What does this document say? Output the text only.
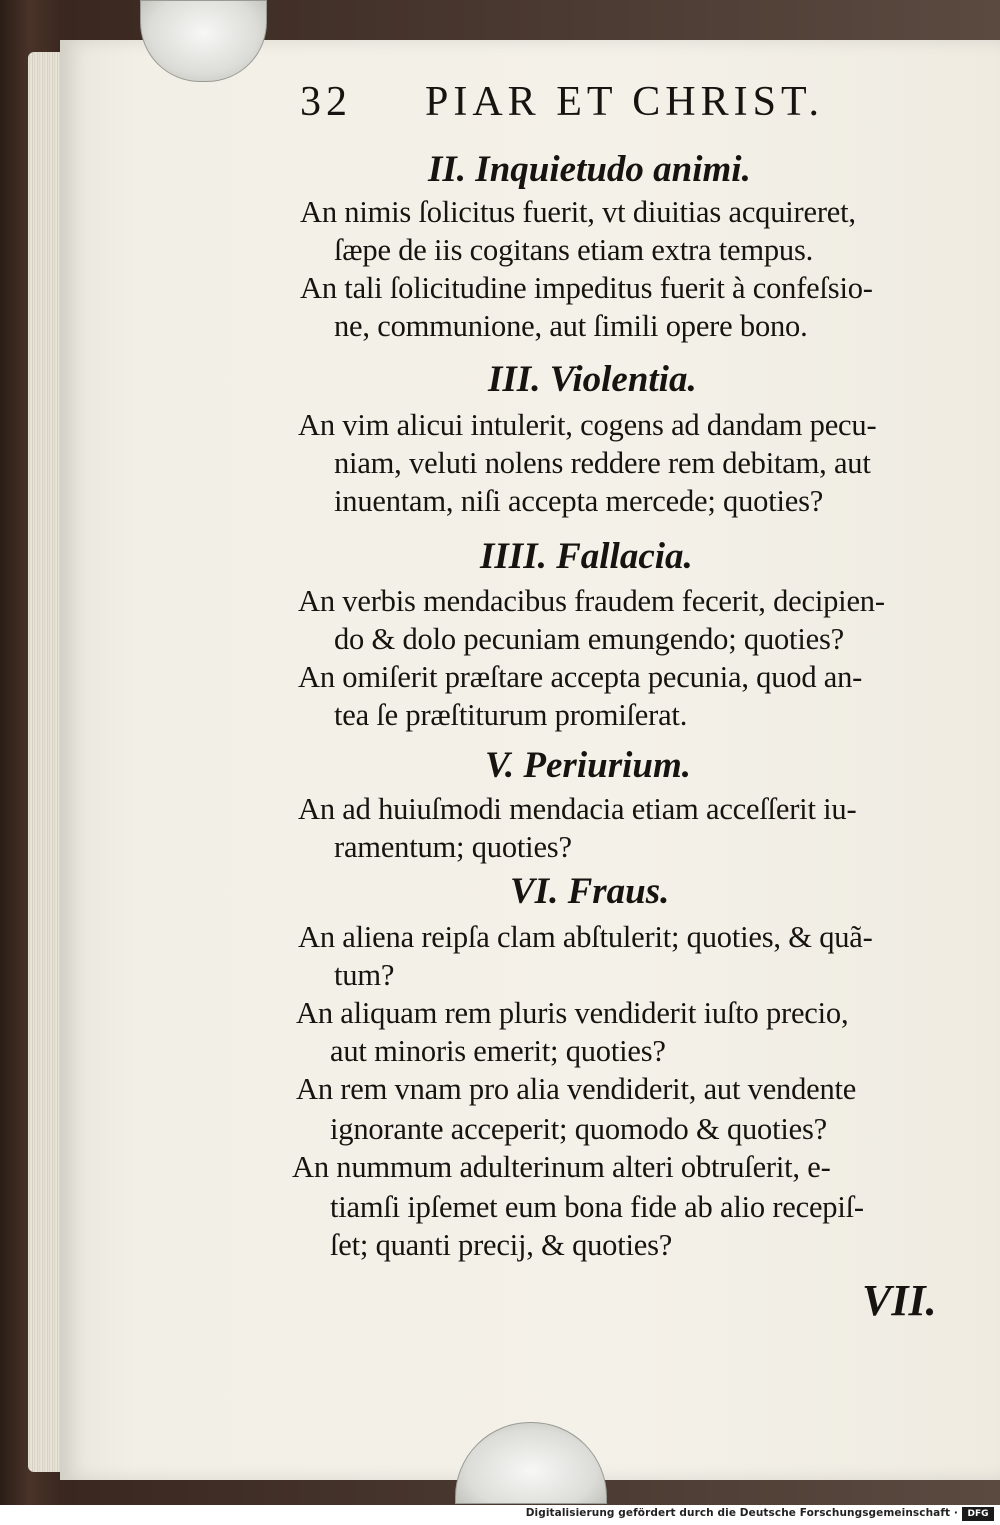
32 PIAR ET CHRIST.
II. Inquietudo animi.
An nimis ſolicitus fuerit, vt diuitias acquireret,
ſæpe de iis cogitans etiam extra tempus.
An tali ſolicitudine impeditus fuerit à confeſsio-
ne, communione, aut ſimili opere bono.
III. Violentia.
An vim alicui intulerit, cogens ad dandam pecu-
niam, veluti nolens reddere rem debitam, aut
inuentam, niſi accepta mercede; quoties?
IIII. Fallacia.
An verbis mendacibus fraudem fecerit, decipien-
do & dolo pecuniam emungendo; quoties?
An omiſerit præſtare accepta pecunia, quod an-
tea ſe præſtiturum promiſerat.
V. Periurium.
An ad huiuſmodi mendacia etiam acceſſerit iu-
ramentum; quoties?
VI. Fraus.
An aliena reipſa clam abſtulerit; quoties, & quã-
tum?
An aliquam rem pluris vendiderit iuſto precio,
aut minoris emerit; quoties?
An rem vnam pro alia vendiderit, aut vendente
ignorante acceperit; quomodo & quoties?
An nummum adulterinum alteri obtruſerit, e-
tiamſi ipſemet eum bona fide ab alio recepiſ-
ſet; quanti precij, & quoties?
VII.
Digitalisierung gefördert durch die Deutsche Forschungsgemeinschaft ·	DFG
